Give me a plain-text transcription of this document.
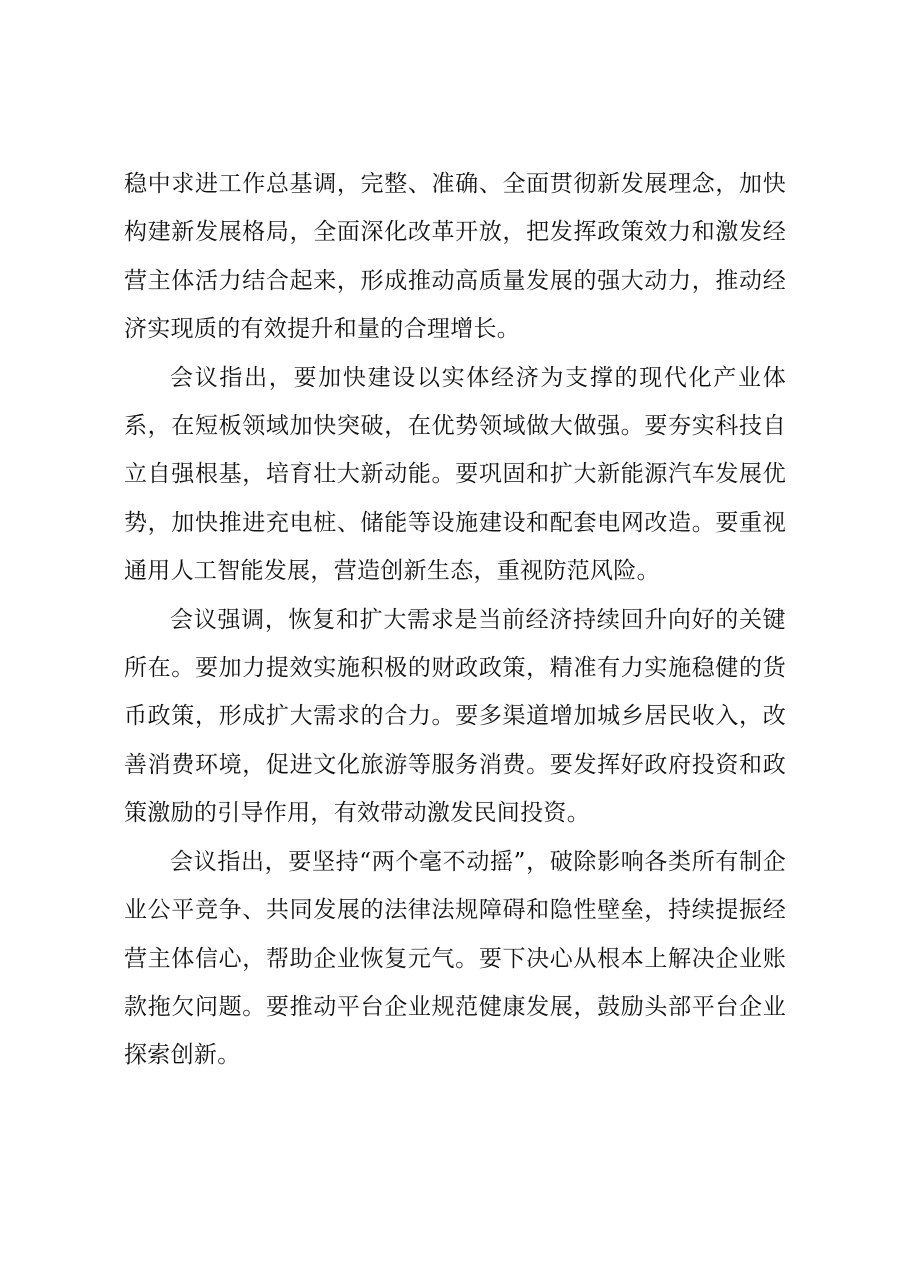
稳中求进工作总基调，完整、准确、全面贯彻新发展理念，加快构建新发展格局，全面深化改革开放，把发挥政策效力和激发经营主体活力结合起来，形成推动高质量发展的强大动力，推动经济实现质的有效提升和量的合理增长。

会议指出，要加快建设以实体经济为支撑的现代化产业体系，在短板领域加快突破，在优势领域做大做强。要夯实科技自立自强根基，培育壮大新动能。要巩固和扩大新能源汽车发展优势，加快推进充电桩、储能等设施建设和配套电网改造。要重视通用人工智能发展，营造创新生态，重视防范风险。

会议强调，恢复和扩大需求是当前经济持续回升向好的关键所在。要加力提效实施积极的财政政策，精准有力实施稳健的货币政策，形成扩大需求的合力。要多渠道增加城乡居民收入，改善消费环境，促进文化旅游等服务消费。要发挥好政府投资和政策激励的引导作用，有效带动激发民间投资。

会议指出，要坚持“两个毫不动摇”，破除影响各类所有制企业公平竞争、共同发展的法律法规障碍和隐性壁垒，持续提振经营主体信心，帮助企业恢复元气。要下决心从根本上解决企业账款拖欠问题。要推动平台企业规范健康发展，鼓励头部平台企业探索创新。
